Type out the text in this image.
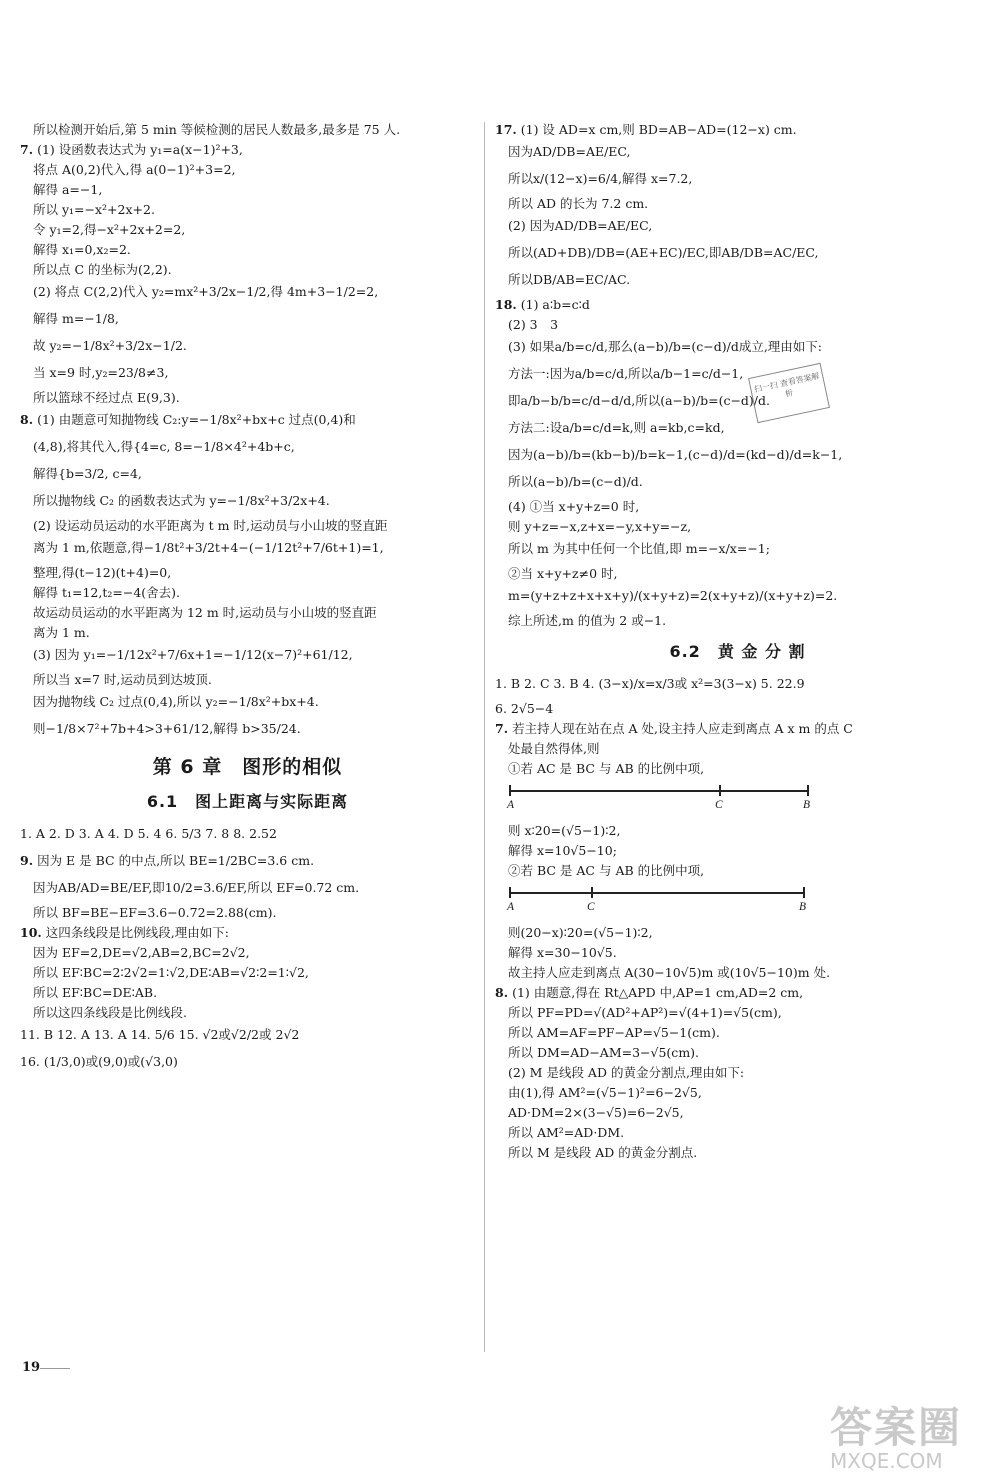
所以检测开始后,第 5 min 等候检测的居民人数最多,最多是 75 人.
7. (1) 设函数表达式为 y₁=a(x−1)²+3,
将点 A(0,2)代入,得 a(0−1)²+3=2,
解得 a=−1,
所以 y₁=−x²+2x+2.
令 y₁=2,得−x²+2x+2=2,
解得 x₁=0,x₂=2.
所以点 C 的坐标为(2,2).
(2) 将点 C(2,2)代入 y₂=mx²+3/2x−1/2,得 4m+3−1/2=2,
解得 m=−1/8,
故 y₂=−1/8x²+3/2x−1/2.
当 x=9 时,y₂=23/8≠3,
所以篮球不经过点 E(9,3).
8. (1) 由题意可知抛物线 C₂:y=−1/8x²+bx+c 过点(0,4)和
(4,8),将其代入,得{4=c, 8=−1/8×4²+4b+c,
解得{b=3/2, c=4,
所以抛物线 C₂ 的函数表达式为 y=−1/8x²+3/2x+4.
(2) 设运动员运动的水平距离为 t m 时,运动员与小山坡的竖直距
离为 1 m,依题意,得−1/8t²+3/2t+4−(−1/12t²+7/6t+1)=1,
整理,得(t−12)(t+4)=0,
解得 t₁=12,t₂=−4(舍去).
故运动员运动的水平距离为 12 m 时,运动员与小山坡的竖直距
离为 1 m.
(3) 因为 y₁=−1/12x²+7/6x+1=−1/12(x−7)²+61/12,
所以当 x=7 时,运动员到达坡顶.
因为抛物线 C₂ 过点(0,4),所以 y₂=−1/8x²+bx+4.
则−1/8×7²+7b+4>3+61/12,解得 b>35/24.
第 6 章　图形的相似
6.1　图上距离与实际距离
1. A 2. D 3. A 4. D 5. 4 6. 5/3 7. 8 8. 2.52
9. 因为 E 是 BC 的中点,所以 BE=1/2BC=3.6 cm.
因为AB/AD=BE/EF,即10/2=3.6/EF,所以 EF=0.72 cm.
所以 BF=BE−EF=3.6−0.72=2.88(cm).
10. 这四条线段是比例线段,理由如下:
因为 EF=2,DE=√2,AB=2,BC=2√2,
所以 EF∶BC=2∶2√2=1∶√2,DE∶AB=√2∶2=1∶√2,
所以 EF∶BC=DE∶AB.
所以这四条线段是比例线段.
11. B 12. A 13. A 14. 5/6 15. √2或√2/2或 2√2
16. (1/3,0)或(9,0)或(√3,0)
17. (1) 设 AD=x cm,则 BD=AB−AD=(12−x) cm.
因为AD/DB=AE/EC,
所以x/(12−x)=6/4,解得 x=7.2,
所以 AD 的长为 7.2 cm.
(2) 因为AD/DB=AE/EC,
所以(AD+DB)/DB=(AE+EC)/EC,即AB/DB=AC/EC,
所以DB/AB=EC/AC.
18. (1) a∶b=c∶d
(2) 3　3
(3) 如果a/b=c/d,那么(a−b)/b=(c−d)/d成立,理由如下:
方法一:因为a/b=c/d,所以a/b−1=c/d−1,
即a/b−b/b=c/d−d/d,所以(a−b)/b=(c−d)/d.
方法二:设a/b=c/d=k,则 a=kb,c=kd,
因为(a−b)/b=(kb−b)/b=k−1,(c−d)/d=(kd−d)/d=k−1,
所以(a−b)/b=(c−d)/d.
(4) ①当 x+y+z=0 时,
则 y+z=−x,z+x=−y,x+y=−z,
所以 m 为其中任何一个比值,即 m=−x/x=−1;
②当 x+y+z≠0 时,
m=(y+z+z+x+x+y)/(x+y+z)=2(x+y+z)/(x+y+z)=2.
综上所述,m 的值为 2 或−1.
6.2　黄 金 分 割
1. B 2. C 3. B 4. (3−x)/x=x/3或 x²=3(3−x) 5. 22.9
6. 2√5−4
7. 若主持人现在站在点 A 处,设主持人应走到离点 A x m 的点 C
处最自然得体,则
①若 AC 是 BC 与 AB 的比例中项,
A	C	B
则 x∶20=(√5−1)∶2,
解得 x=10√5−10;
②若 BC 是 AC 与 AB 的比例中项,
A	C	B
则(20−x)∶20=(√5−1)∶2,
解得 x=30−10√5.
故主持人应走到离点 A(30−10√5)m 或(10√5−10)m 处.
8. (1) 由题意,得在 Rt△APD 中,AP=1 cm,AD=2 cm,
所以 PF=PD=√(AD²+AP²)=√(4+1)=√5(cm),
所以 AM=AF=PF−AP=√5−1(cm).
所以 DM=AD−AM=3−√5(cm).
(2) M 是线段 AD 的黄金分割点,理由如下:
由(1),得 AM²=(√5−1)²=6−2√5,
AD·DM=2×(3−√5)=6−2√5,
所以 AM²=AD·DM.
所以 M 是线段 AD 的黄金分割点.
扫一扫 查看答案解析
19
答案圈
MXQE.COM
